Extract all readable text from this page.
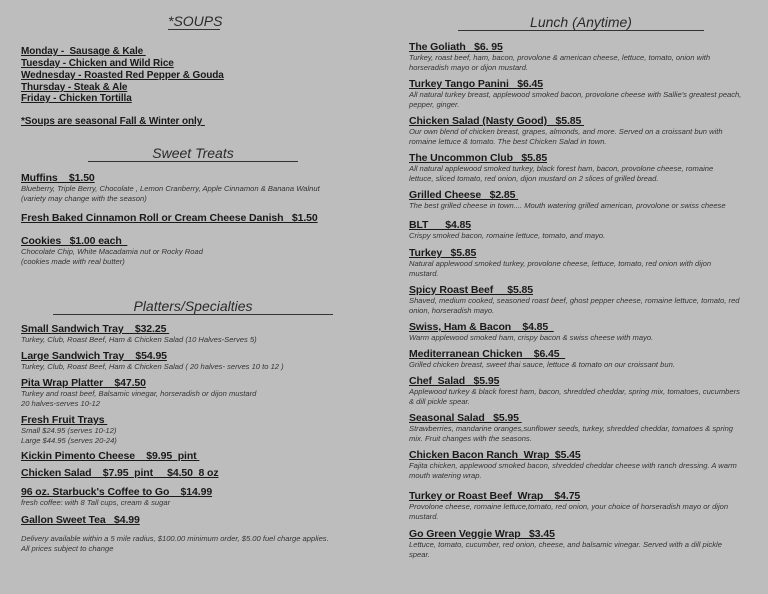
*SOUPS
Monday -  Sausage & Kale
Tuesday - Chicken and Wild Rice
Wednesday - Roasted Red Pepper & Gouda
Thursday - Steak & Ale
Friday - Chicken Tortilla
*Soups are seasonal Fall & Winter only
Sweet Treats
Muffins    $1.50
Blueberry, Triple Berry, Chocolate , Lemon Cranberry, Apple Cinnamon & Banana Walnut
(variety may change with the season)
Fresh Baked Cinnamon Roll or Cream Cheese Danish   $1.50
Cookies   $1.00 each
Chocolate Chip, White Macadamia nut or Rocky Road
(cookies made with real butter)
Platters/Specialties
Small Sandwich Tray    $32.25
Turkey, Club, Roast Beef, Ham & Chicken Salad (10 Halves-Serves 5)
Large Sandwich Tray    $54.95
Turkey, Club, Roast Beef, Ham & Chicken Salad ( 20 halves- serves 10 to 12 )
Pita Wrap Platter    $47.50
Turkey and roast beef, Balsamic vinegar, horseradish or dijon mustard
20 halves-serves 10-12
Fresh Fruit Trays
Small $24.95 (serves 10-12)
Large $44.95 (serves 20-24)
Kickin Pimento Cheese    $9.95  pint
Chicken Salad    $7.95  pint     $4.50  8 oz
96 oz. Starbuck's Coffee to Go    $14.99
fresh coffee: with 8 Tall cups, cream & sugar
Gallon Sweet Tea   $4.99
Delivery available within a 5 mile radius, $100.00 minimum order, $5.00 fuel charge applies.
All prices subject to change
Lunch (Anytime)
The Goliath   $6. 95
Turkey, roast beef, ham, bacon, provolone & american cheese, lettuce, tomato, onion with
horseradish mayo or dijon mustard.
Turkey Tango Panini   $6.45
All natural turkey breast, applewood smoked bacon, provolone cheese with Sallie's greatest peach,
pepper, ginger.
Chicken Salad (Nasty Good)   $5.85
Our own blend of chicken breast, grapes, almonds, and more. Served on a croissant bun with
romaine lettuce & tomato. The best Chicken Salad in town.
The Uncommon Club   $5.85
All natural applewood smoked turkey, black forest ham, bacon, provolone cheese, romaine
lettuce, sliced tomato, red onion, dijon mustard on 2 slices of grilled bread.
Grilled Cheese   $2.85
The best grilled cheese in town.... Mouth watering grilled american, provolone or swiss cheese
BLT      $4.85
Crispy smoked bacon, romaine lettuce, tomato, and mayo.
Turkey   $5.85
Natural applewood smoked turkey, provolone cheese, lettuce, tomato, red onion with dijon
mustard.
Spicy Roast Beef     $5.85
Shaved, medium cooked, seasoned roast beef, ghost pepper cheese, romaine lettuce, tomato, red
onion, horseradish mayo.
Swiss, Ham & Bacon    $4.85
Warm applewood smoked ham, crispy bacon & swiss cheese with mayo.
Mediterranean Chicken    $6.45
Grilled chicken breast, sweet thai sauce, lettuce & tomato on our croissant bun.
Chef  Salad   $5.95
Applewood turkey & black forest ham, bacon, shredded cheddar, spring mix, tomatoes, cucumbers
& dill pickle spear.
Seasonal Salad   $5.95
Strawberries, mandarine oranges,sunflower seeds, turkey, shredded cheddar, tomatoes & spring
mix. Fruit changes with the seasons.
Chicken Bacon Ranch  Wrap  $5.45
Fajita chicken, applewood smoked bacon, shredded cheddar cheese with ranch dressing. A warm
mouth watering wrap.
Turkey or Roast Beef  Wrap    $4.75
Provolone cheese, romaine lettuce,tomato, red onion, your choice of horseradish mayo or dijon
mustard.
Go Green Veggie Wrap   $3.45
Lettuce, tomato, cucumber, red onion, cheese, and balsamic vinegar. Served with a dill pickle
spear.
